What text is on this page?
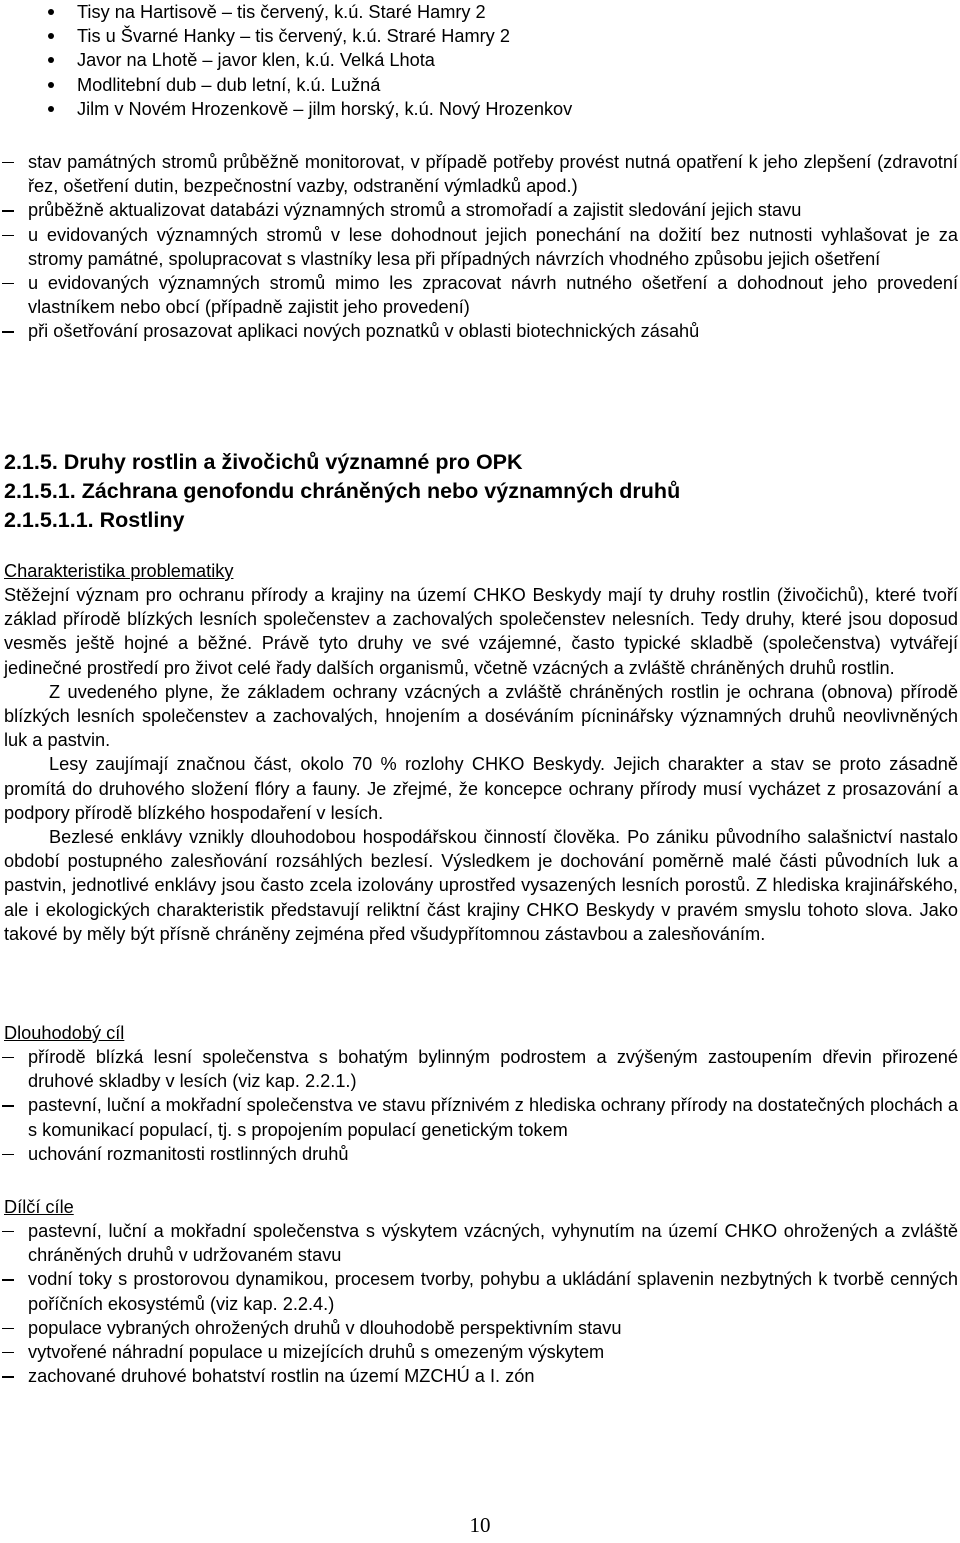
Tisy na Hartisově – tis červený, k.ú. Staré Hamry 2
Tis u Švarné Hanky – tis červený, k.ú. Strаré Hamry 2
Javor na Lhotě – javor klen, k.ú. Velká Lhota
Modlitební dub – dub letní, k.ú. Lužná
Jilm v Novém Hrozenkově – jilm horský, k.ú. Nový Hrozenkov
stav památných stromů průběžně monitorovat, v případě potřeby provést nutná opatření k jeho zlepšení (zdravotní řez, ošetření dutin, bezpečnostní vazby, odstranění výmladků apod.)
průběžně aktualizovat databázi významných stromů a stromořadí a zajistit sledování jejich stavu
u evidovaných významných stromů v lese dohodnout jejich ponechání na dožití bez nutnosti vyhlašovat je za stromy památné, spolupracovat s vlastníky lesa při případných návrzích vhodného způsobu jejich ošetření
u evidovaných významných stromů mimo les zpracovat návrh nutného ošetření a dohodnout jeho provedení vlastníkem nebo obcí (případně zajistit jeho provedení)
při ošetřování prosazovat aplikaci nových poznatků v oblasti biotechnických zásahů
2.1.5. Druhy rostlin a živočichů významné pro OPK
2.1.5.1. Záchrana genofondu chráněných nebo významných druhů
2.1.5.1.1. Rostliny
Charakteristika problematiky
Stěžejní význam pro ochranu přírody a krajiny na území CHKO Beskydy mají ty druhy rostlin (živočichů), které tvoří základ přírodě blízkých lesních společenstev a zachovalých společenstev nelesních. Tedy druhy, které jsou doposud vesměs ještě hojné a běžné. Právě tyto druhy ve své vzájemné, často typické skladbě (společenstva) vytvářejí jedinečné prostředí pro život celé řady dalších organismů, včetně vzácných a zvláště chráněných druhů rostlin.
Z uvedeného plyne, že základem ochrany vzácných a zvláště chráněných rostlin je ochrana (obnova) přírodě blízkých lesních společenstev a zachovalých, hnojením a doséváním pícninářsky významných druhů neovlivněných luk a pastvin.
Lesy zaujímají značnou část, okolo 70 % rozlohy CHKO Beskydy. Jejich charakter a stav se proto zásadně promítá do druhového složení flóry a fauny. Je zřejmé, že koncepce ochrany přírody musí vycházet z prosazování a podpory přírodě blízkého hospodaření v lesích.
Bezlesé enklávy vznikly dlouhodobou hospodářskou činností člověka. Po zániku původního salašnictví nastalo období postupného zalesňování rozsáhlých bezlesí. Výsledkem je dochování poměrně malé části původních luk a pastvin, jednotlivé enklávy jsou často zcela izolovány uprostřed vysazených lesních porostů. Z hlediska krajinářského, ale i ekologických charakteristik představují reliktní část krajiny CHKO Beskydy v pravém smyslu tohoto slova. Jako takové by měly být přísně chráněny zejména před všudypřítomnou zástavbou a zalesňováním.
Dlouhodobý cíl
přírodě blízká lesní společenstva s bohatým bylinným podrostem a zvýšeným zastoupením dřevin přirozené druhové skladby v lesích (viz kap. 2.2.1.)
pastevní, luční a mokřadní společenstva ve stavu příznivém z hlediska ochrany přírody na dostatečných plochách a s komunikací populací, tj. s propojením populací genetickým tokem
uchování rozmanitosti rostlinných druhů
Dílčí cíle
pastevní, luční a mokřadní společenstva s výskytem vzácných, vyhynutím na území CHKO ohrožených a zvláště chráněných druhů v udržovaném stavu
vodní toky s prostorovou dynamikou, procesem tvorby, pohybu a ukládání splavenin nezbytných k tvorbě cenných poříčních ekosystémů (viz kap. 2.2.4.)
populace vybraných ohrožených druhů v dlouhodobě perspektivním stavu
vytvořené náhradní populace u mizejících druhů s omezeným výskytem
zachované druhové bohatství rostlin na území MZCHÚ a I. zón
10
